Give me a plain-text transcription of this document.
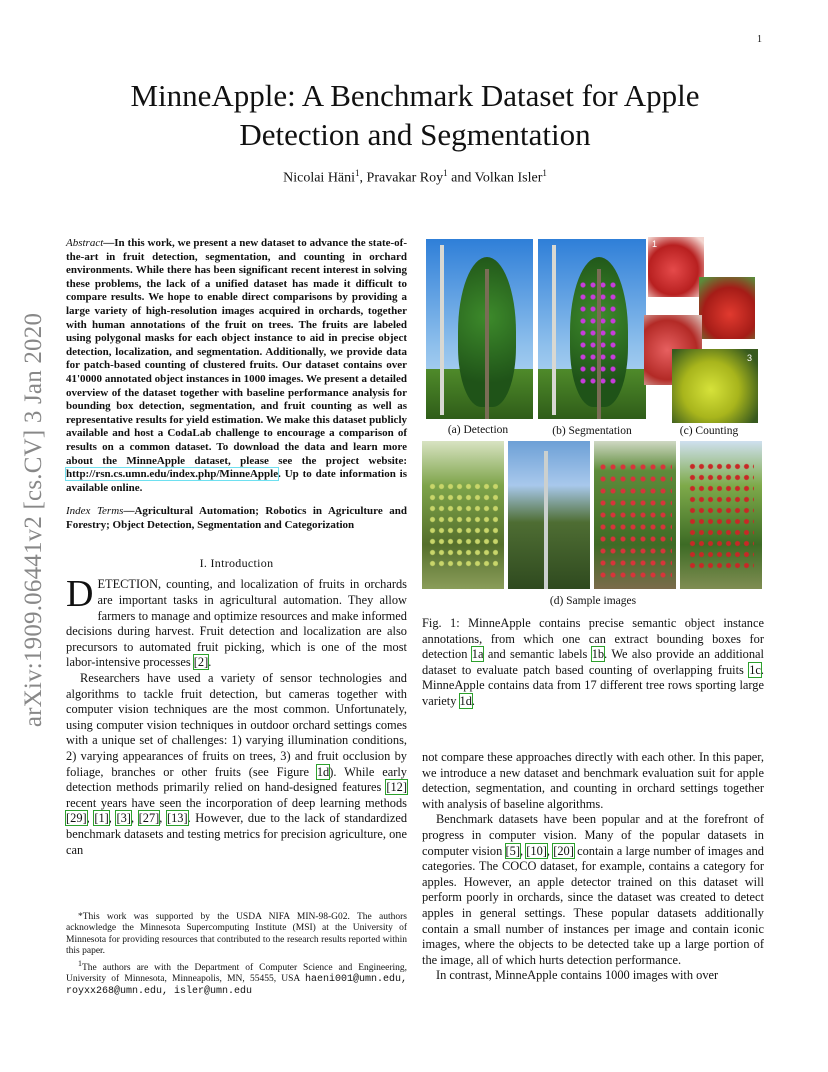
1
arXiv:1909.06441v2 [cs.CV] 3 Jan 2020
MinneApple: A Benchmark Dataset for Apple
Detection and Segmentation
Nicolai Häni$^1$, Pravakar Roy$^1$ and Volkan Isler$^1$

Abstract—In this work, we present a new dataset to advance the state-of-the-art in fruit detection, segmentation, and counting in orchard environments. While there has been significant recent interest in solving these problems, the lack of a unified dataset has made it difficult to compare results. We hope to enable direct comparisons by providing a large variety of high-resolution images acquired in orchards, together with human annotations of the fruit on trees. The fruits are labeled using polygonal masks for each object instance to aid in precise object detection, localization, and segmentation. Additionally, we provide data for patch-based counting of clustered fruits. Our dataset contains over 41'0000 annotated object instances in 1000 images. We present a detailed overview of the dataset together with baseline performance analysis for bounding box detection, segmentation, and fruit counting as well as representative results for yield estimation. We make this dataset publicly available and host a CodaLab challenge to encourage a comparison of results on a common dataset. To download the data and learn more about the MinneApple dataset, please see the project website: http://rsn.cs.umn.edu/index.php/MinneApple. Up to date information is available online.

Index Terms—Agricultural Automation; Robotics in Agriculture and Forestry; Object Detection, Segmentation and Categorization

I. Introduction

DETECTION, counting, and localization of fruits in orchards are important tasks in agricultural automation. They allow farmers to manage and optimize resources and make informed decisions during harvest. Fruit detection and localization are also precursors to automated fruit picking, which is one of the most labor-intensive processes [2].

Researchers have used a variety of sensor technologies and algorithms to tackle fruit detection, but cameras together with computer vision techniques are the most common. Unfortunately, using computer vision techniques in outdoor orchard settings comes with a unique set of challenges: 1) varying illumination conditions, 2) varying appearances of fruits on trees, 3) and fruit occlusion by foliage, branches or other fruits (see Figure 1d). While early detection methods primarily relied on hand-designed features [12] recent years have seen the incorporation of deep learning methods [29], [1], [3], [27], [13]. However, due to the lack of standardized benchmark datasets and testing metrics for precision agriculture, one can

*This work was supported by the USDA NIFA MIN-98-G02. The authors acknowledge the Minnesota Supercomputing Institute (MSI) at the University of Minnesota for providing resources that contributed to the research results reported within this paper.

$^1$The authors are with the Department of Computer Science and Engineering, University of Minnesota, Minneapolis, MN, 55455, USA haeni001@umn.edu, royxx268@umn.edu, isler@umn.edu

1
3
(a) Detection	(b) Segmentation	(c) Counting
(d) Sample images

Fig. 1: MinneApple contains precise semantic object instance annotations, from which one can extract bounding boxes for detection 1a and semantic labels 1b. We also provide an additional dataset to evaluate patch based counting of overlapping fruits 1c. MinneApple contains data from 17 different tree rows sporting large variety 1d.

not compare these approaches directly with each other. In this paper, we introduce a new dataset and benchmark evaluation suit for apple detection, segmentation, and counting in orchard settings together with analysis of baseline algorithms.

Benchmark datasets have been popular and at the forefront of progress in computer vision. Many of the popular datasets in computer vision [5], [10], [20] contain a large number of images and categories. The COCO dataset, for example, contains a category for apples. However, an apple detector trained on this dataset will perform poorly in orchards, since the dataset was created to detect apples in general settings. These popular datasets additionally contain a small number of instances per image and contain iconic images, where the objects to be detected take up a large portion of the image, all of which hurts detection performance.

In contrast, MinneApple contains 1000 images with over
